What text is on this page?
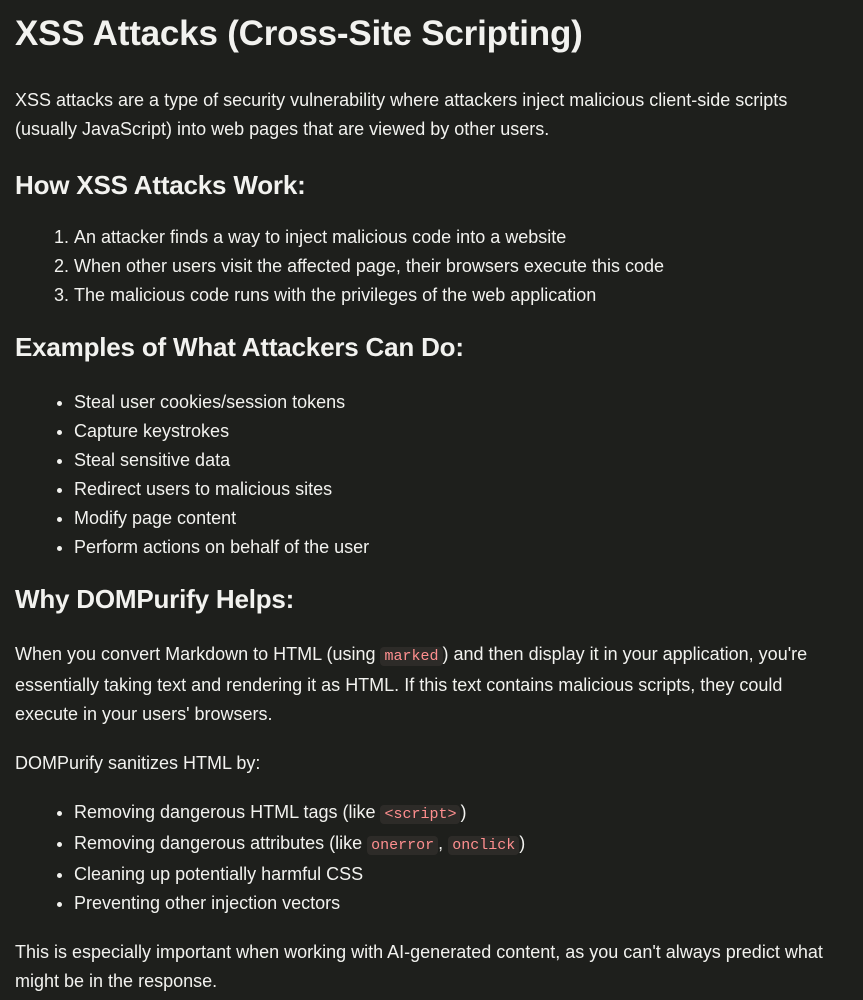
XSS Attacks (Cross-Site Scripting)

XSS attacks are a type of security vulnerability where attackers inject malicious client-side scripts (usually JavaScript) into web pages that are viewed by other users.

How XSS Attacks Work:
1. An attacker finds a way to inject malicious code into a website
2. When other users visit the affected page, their browsers execute this code
3. The malicious code runs with the privileges of the web application
Examples of What Attackers Can Do:
• Steal user cookies/session tokens
• Capture keystrokes
• Steal sensitive data
• Redirect users to malicious sites
• Modify page content
• Perform actions on behalf of the user
Why DOMPurify Helps:

When you convert Markdown to HTML (using marked ) and then display it in your application, you're essentially taking text and rendering it as HTML. If this text contains malicious scripts, they could execute in your users' browsers.

DOMPurify sanitizes HTML by:

• Removing dangerous HTML tags (like <script> )
• Removing dangerous attributes (like onerror , onclick )
• Cleaning up potentially harmful CSS
• Preventing other injection vectors

This is especially important when working with AI-generated content, as you can't always predict what might be in the response.
